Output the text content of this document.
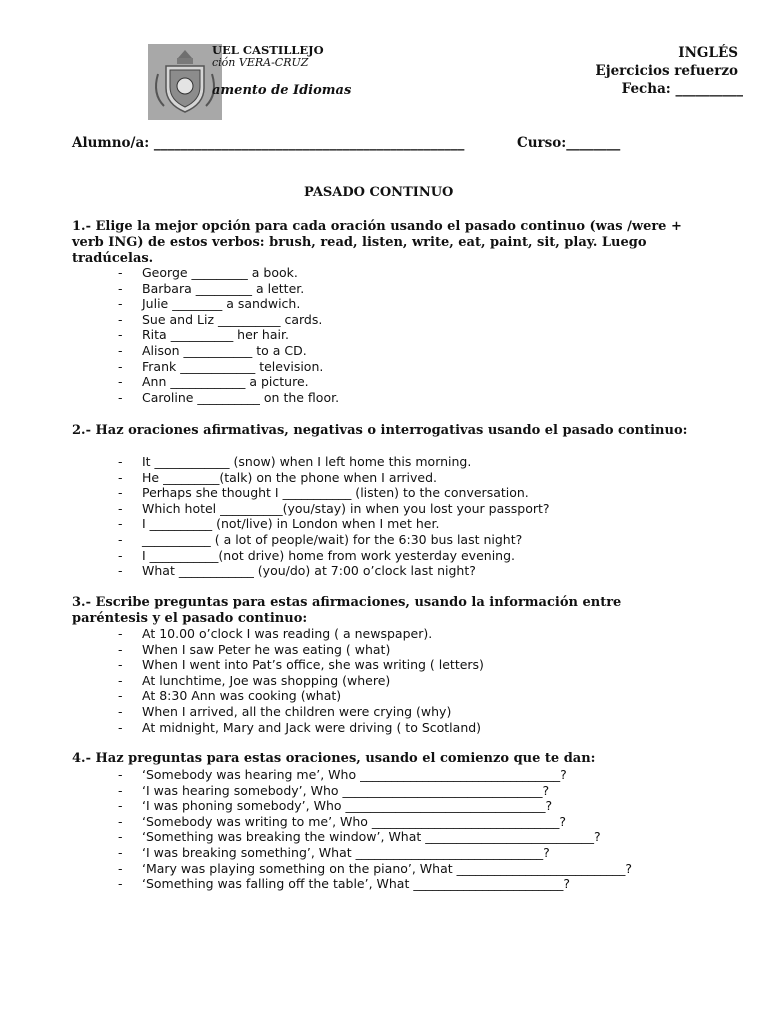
UEL CASTILLEJO
ción VERA-CRUZ
amento de Idiomas
INGLÉS
Ejercicios refuerzo
Fecha: __________
Alumno/a: ______________________________________________	Curso:________
PASADO CONTINUO
1.- Elige la mejor opción para cada oración usando el pasado continuo (was /were + verb ING) de estos verbos: brush, read, listen, write, eat, paint, sit, play. Luego tradúcelas.
- George _________ a book.
- Barbara _________ a letter.
- Julie ________ a sandwich.
- Sue and Liz __________ cards.
- Rita __________ her hair.
- Alison ___________ to a CD.
- Frank ____________ television.
- Ann ____________ a picture.
- Caroline __________ on the floor.
2.- Haz oraciones afirmativas, negativas o interrogativas usando el pasado continuo:
- It ____________ (snow) when I left home this morning.
- He _________(talk) on the phone when I arrived.
- Perhaps she thought I ___________ (listen) to the conversation.
- Which hotel __________(you/stay) in when you lost your passport?
- I __________ (not/live) in London when I met her.
- ___________ ( a lot of people/wait) for the 6:30 bus last night?
- I ___________(not drive) home from work yesterday evening.
- What ____________ (you/do) at 7:00 o’clock last night?
3.- Escribe preguntas para estas afirmaciones, usando la información entre paréntesis y el pasado continuo:
- At 10.00 o’clock I was reading ( a newspaper).
- When I saw Peter he was eating ( what)
- When I went into Pat’s office, she was writing ( letters)
- At lunchtime, Joe was shopping (where)
- At 8:30 Ann was cooking (what)
- When I arrived, all the children were crying (why)
- At midnight, Mary and Jack were driving ( to Scotland)
4.- Haz preguntas para estas oraciones, usando el comienzo que te dan:
- ‘Somebody was hearing me’, Who ________________________________?
- ‘I was hearing somebody’, Who ________________________________?
- ‘I was phoning somebody’, Who ________________________________?
- ‘Somebody was writing to me’, Who ______________________________?
- ‘Something was breaking the window’, What ___________________________?
- ‘I was breaking something’, What ______________________________?
- ‘Mary was playing something on the piano’, What ___________________________?
- ‘Something was falling off the table’, What ________________________?
